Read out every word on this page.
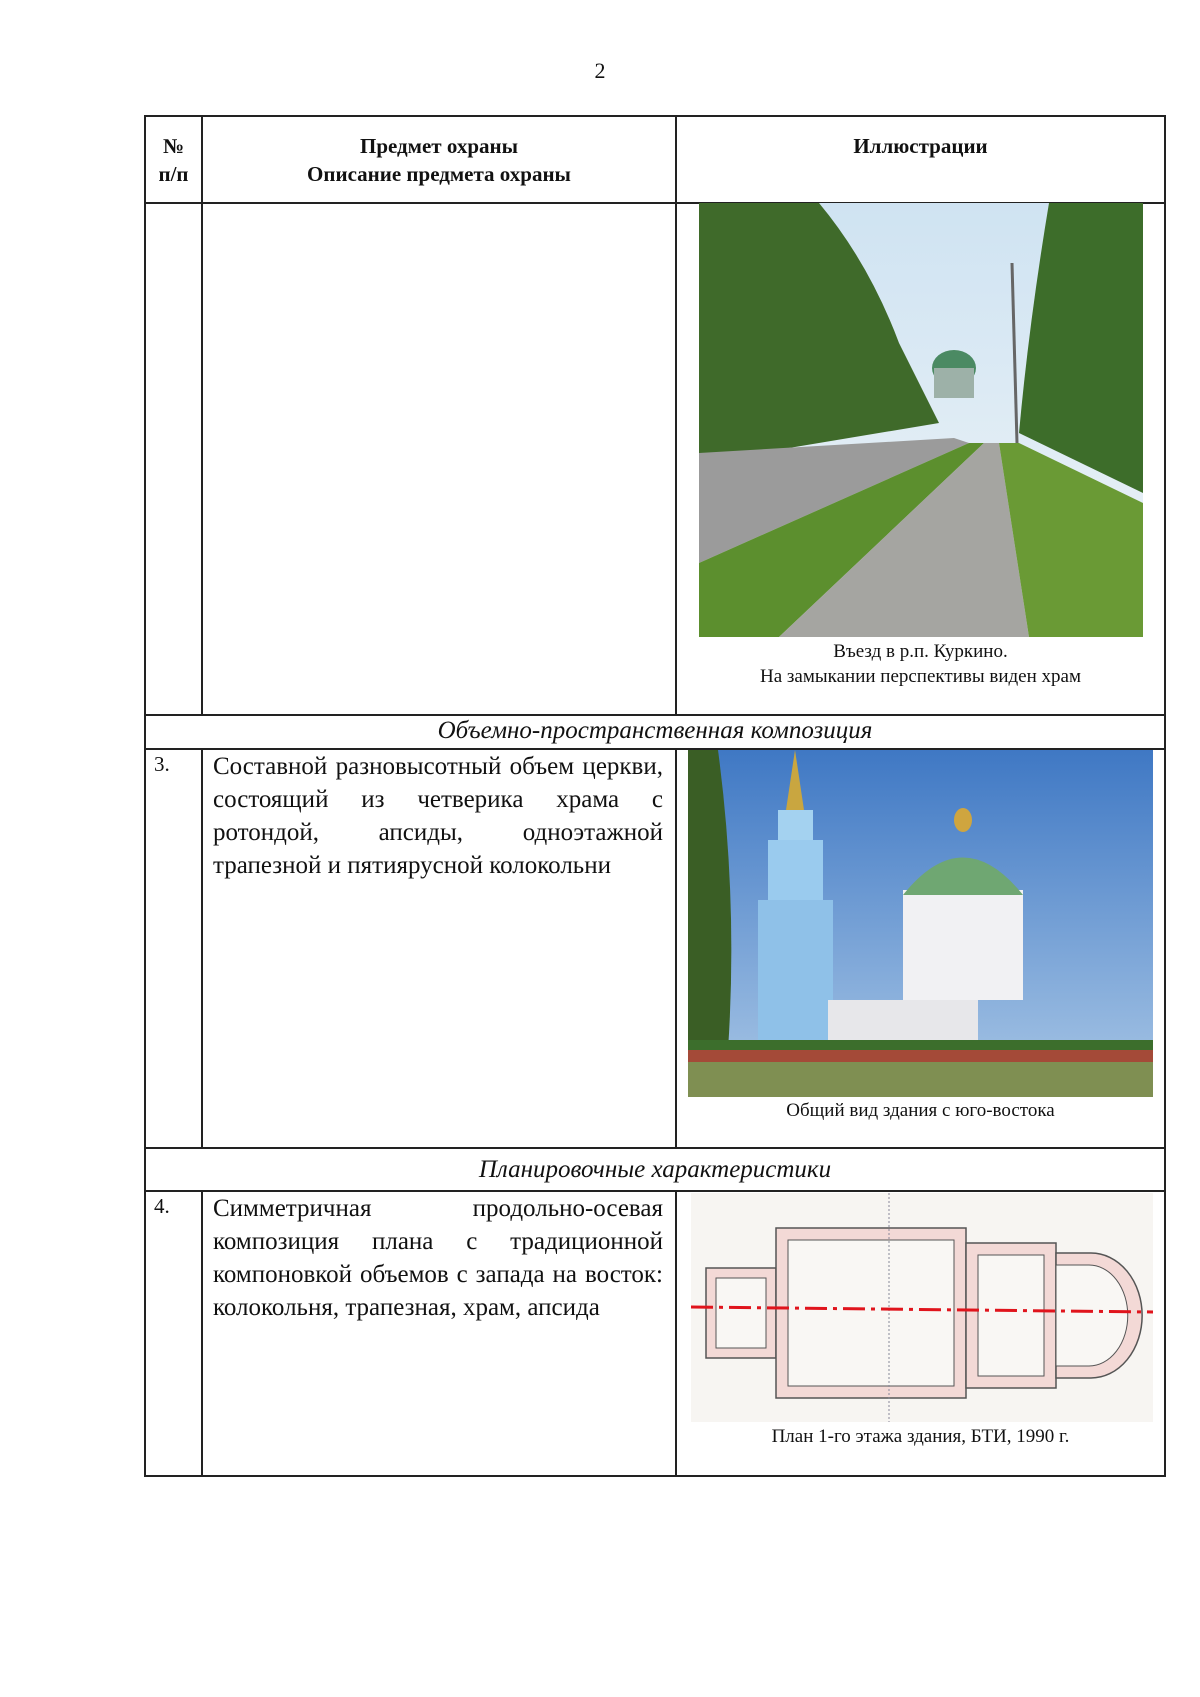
2
№
п/п
Предмет охраны
Описание предмета охраны
Иллюстрации
Въезд в р.п. Куркино.
На замыкании перспективы виден храм
Объемно-пространственная композиция
3. Составной разновысотный объем церкви, состоящий из четверика храма с ротондой, апсиды, одноэтажной трапезной и пятиярусной колокольни
Общий вид здания с юго-востока
Планировочные характеристики
4. Симметричная продольно-осевая композиция плана с традиционной компоновкой объемов с запада на восток: колокольня, трапезная, храм, апсида
План 1-го этажа здания, БТИ, 1990 г.
